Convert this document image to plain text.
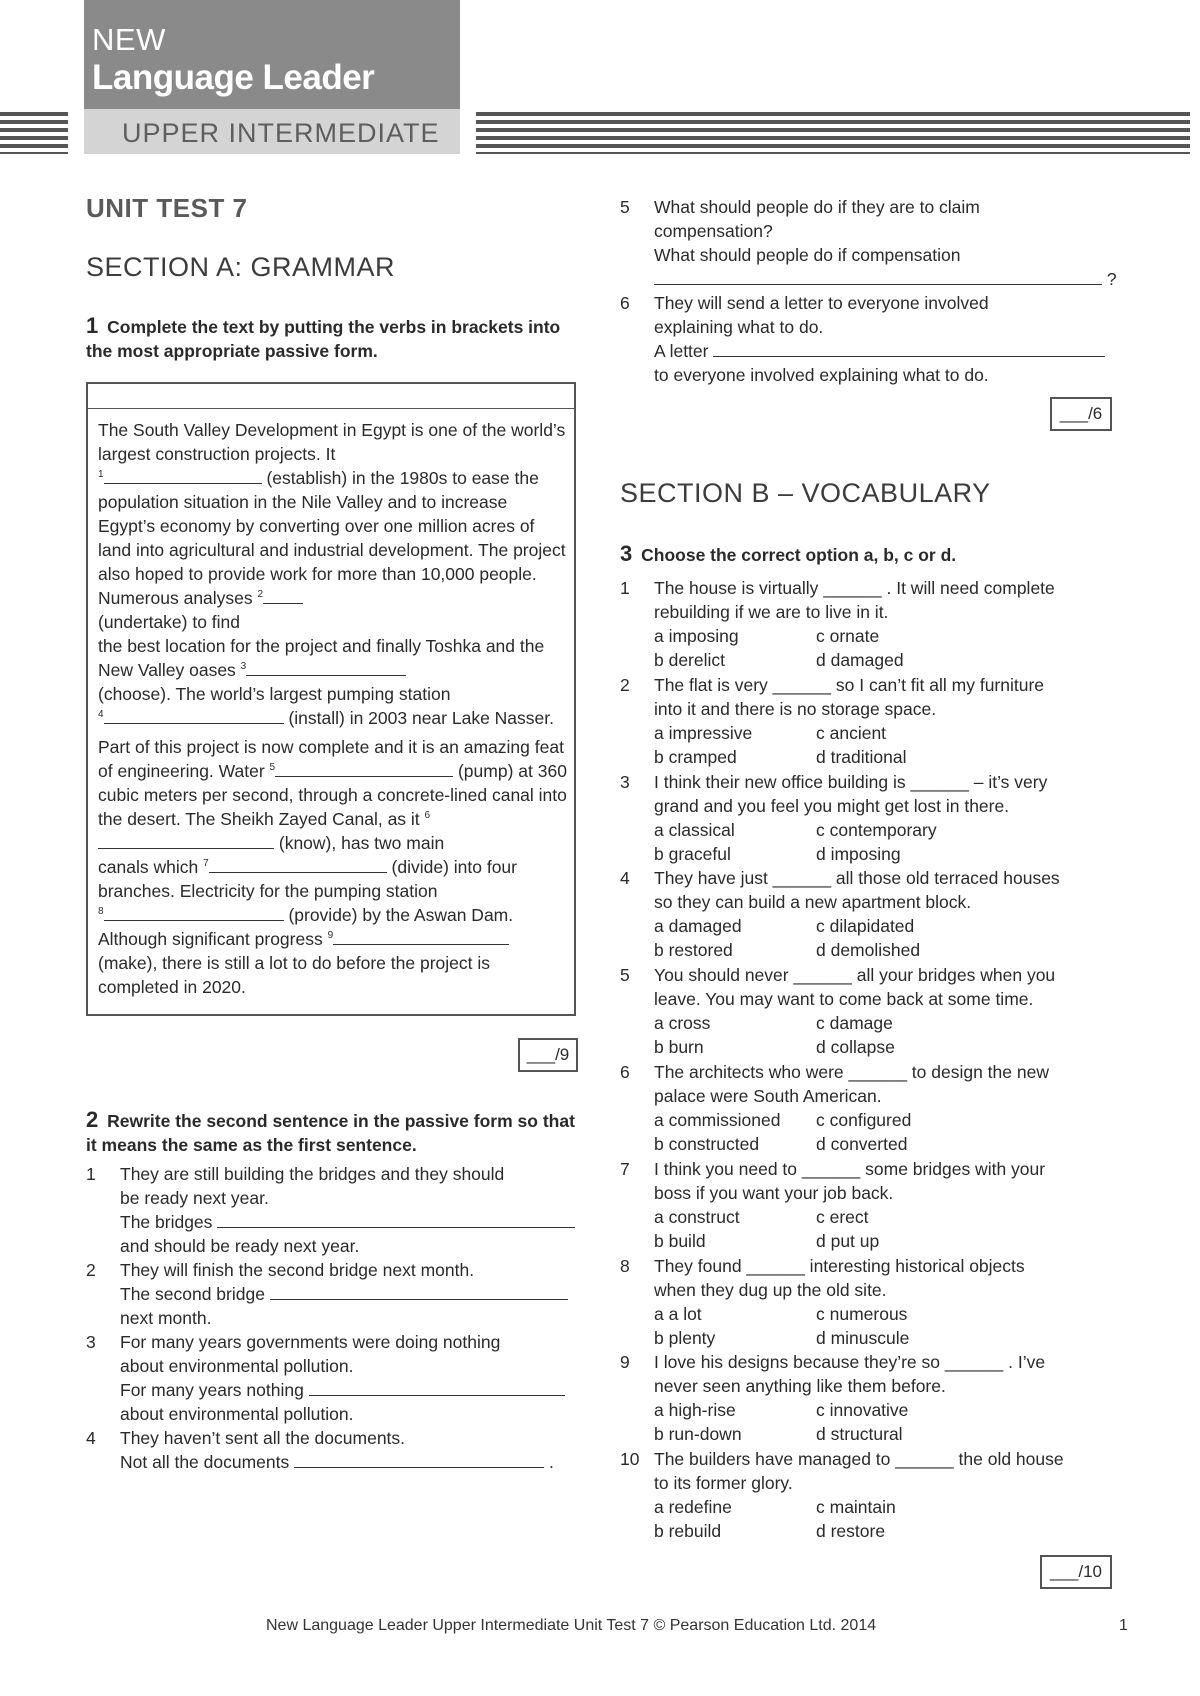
NEW
Language Leader
UPPER INTERMEDIATE
UNIT TEST 7
SECTION A: GRAMMAR
1 Complete the text by putting the verbs in brackets into the most appropriate passive form.

The South Valley Development in Egypt is one of the world’s largest construction projects. It
$^1$	(establish) in the 1980s to ease the population situation in the Nile Valley and to increase Egypt’s economy by converting over one million acres of land into agricultural and industrial development. The project also hoped to provide work for more than 10,000 people. Numerous analyses $^2$
(undertake) to find
the best location for the project and finally Toshka and the New Valley oases $^3$
(choose). The world’s largest pumping station
$^4$	(install) in 2003 near Lake Nasser.

Part of this project is now complete and it is an amazing feat of engineering. Water $^5$	(pump) at 360 cubic meters per second, through a concrete-lined canal into the desert. The Sheikh Zayed Canal, as it $^6$ (know), has two main
canals which $^7$	(divide) into four
branches. Electricity for the pumping station
$^8$	(provide) by the Aswan Dam.
Although significant progress $^9$
(make), there is still a lot to do before the project is completed in 2020.

___/9
2 Rewrite the second sentence in the passive form so that it means the same as the first sentence.
1 They are still building the bridges and they should
be ready next year.
The bridges
and should be ready next year.
2 They will finish the second bridge next month.
The second bridge
next month.
3 For many years governments were doing nothing
about environmental pollution.
For many years nothing
about environmental pollution.
4 They haven’t sent all the documents.
Not all the documents	.
5 What should people do if they are to claim
compensation?
What should people do if compensation
?
6 They will send a letter to everyone involved
explaining what to do.
A letter
to everyone involved explaining what to do.
___/6
SECTION B – VOCABULARY
3 Choose the correct option a, b, c or d.
1 The house is virtually ______ . It will need complete
rebuilding if we are to live in it.
a imposing	c ornate
b derelict	d damaged
2 The flat is very ______ so I can’t fit all my furniture
into it and there is no storage space.
a impressive	c ancient
b cramped	d traditional
3 I think their new office building is ______ – it’s very
grand and you feel you might get lost in there.
a classical	c contemporary
b graceful	d imposing
4 They have just ______ all those old terraced houses
so they can build a new apartment block.
a damaged	c dilapidated
b restored	d demolished
5 You should never ______ all your bridges when you
leave. You may want to come back at some time.
a cross	c damage
b burn	d collapse
6 The architects who were ______ to design the new
palace were South American.
a commissioned c configured
b constructed	d converted
7 I think you need to ______ some bridges with your
boss if you want your job back.
a construct	c erect
b build	d put up
8 They found ______ interesting historical objects
when they dug up the old site.
a a lot	c numerous
b plenty	d minuscule
9 I love his designs because they’re so ______ . I’ve
never seen anything like them before.
a high-rise	c innovative
b run-down	d structural
10 The builders have managed to ______ the old house
to its former glory.
a redefine	c maintain
b rebuild	d restore
___/10
New Language Leader Upper Intermediate Unit Test 7 © Pearson Education Ltd. 2014	1
